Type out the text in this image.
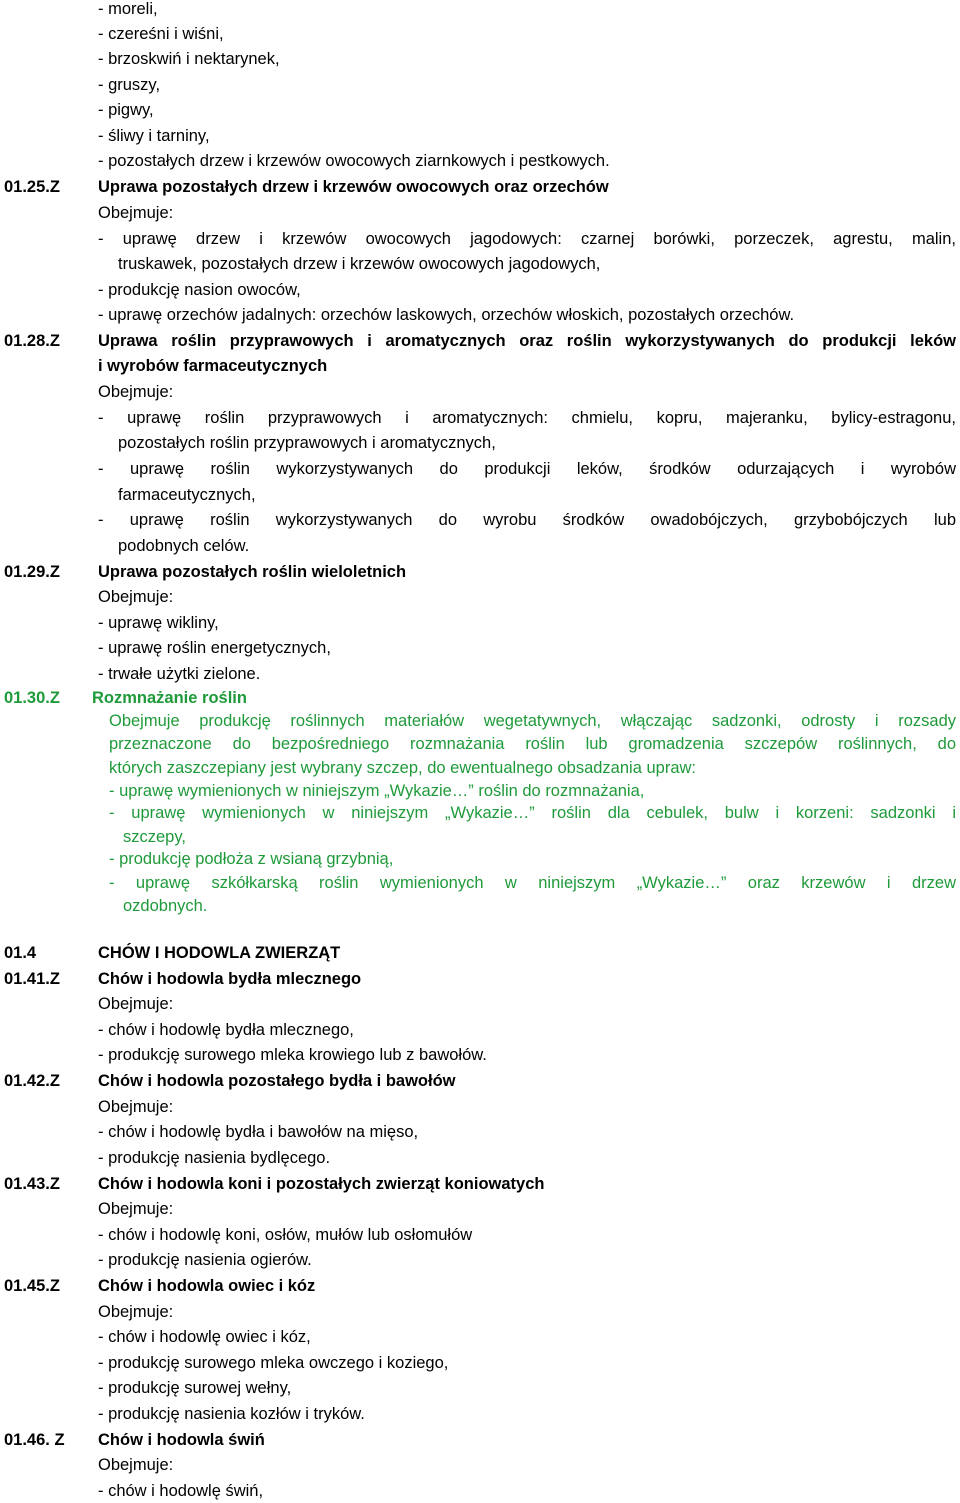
- moreli,
- czereśni i wiśni,
- brzoskwiń i nektarynek,
- gruszy,
- pigwy,
- śliwy i tarniny,
- pozostałych drzew i krzewów owocowych ziarnkowych i pestkowych.
01.25.Z Uprawa pozostałych drzew i krzewów owocowych oraz orzechów
Obejmuje:
- uprawę drzew i krzewów owocowych jagodowych: czarnej borówki, porzeczek, agrestu, malin,
truskawek, pozostałych drzew i krzewów owocowych jagodowych,
- produkcję nasion owoców,
- uprawę orzechów jadalnych: orzechów laskowych, orzechów włoskich, pozostałych orzechów.
01.28.Z Uprawa roślin przyprawowych i aromatycznych oraz roślin wykorzystywanych do produkcji leków
i wyrobów farmaceutycznych
Obejmuje:
- uprawę roślin przyprawowych i aromatycznych: chmielu, kopru, majeranku, bylicy-estragonu,
pozostałych roślin przyprawowych i aromatycznych,
- uprawę roślin wykorzystywanych do produkcji leków, środków odurzających i wyrobów
farmaceutycznych,
- uprawę roślin wykorzystywanych do wyrobu środków owadobójczych, grzybobójczych lub
podobnych celów.
01.29.Z Uprawa pozostałych roślin wieloletnich
Obejmuje:
- uprawę wikliny,
- uprawę roślin energetycznych,
- trwałe użytki zielone.
01.30.Z Rozmnażanie roślin
Obejmuje produkcję roślinnych materiałów wegetatywnych, włączając sadzonki, odrosty i rozsady
przeznaczone do bezpośredniego rozmnażania roślin lub gromadzenia szczepów roślinnych, do
których zaszczepiany jest wybrany szczep, do ewentualnego obsadzania upraw:
- uprawę wymienionych w niniejszym „Wykazie…” roślin do rozmnażania,
- uprawę wymienionych w niniejszym „Wykazie…” roślin dla cebulek, bulw i korzeni: sadzonki i
szczepy,
- produkcję podłoża z wsianą grzybnią,
- uprawę szkółkarską roślin wymienionych w niniejszym „Wykazie…” oraz krzewów i drzew
ozdobnych.
01.4	CHÓW I HODOWLA ZWIERZĄT
01.41.Z Chów i hodowla bydła mlecznego
Obejmuje:
- chów i hodowlę bydła mlecznego,
- produkcję surowego mleka krowiego lub z bawołów.
01.42.Z Chów i hodowla pozostałego bydła i bawołów
Obejmuje:
- chów i hodowlę bydła i bawołów na mięso,
- produkcję nasienia bydlęcego.
01.43.Z Chów i hodowla koni i pozostałych zwierząt koniowatych
Obejmuje:
- chów i hodowlę koni, osłów, mułów lub osłomułów
- produkcję nasienia ogierów.
01.45.Z Chów i hodowla owiec i kóz
Obejmuje:
- chów i hodowlę owiec i kóz,
- produkcję surowego mleka owczego i koziego,
- produkcję surowej wełny,
- produkcję nasienia kozłów i tryków.
01.46. Z Chów i hodowla świń
Obejmuje:
- chów i hodowlę świń,
